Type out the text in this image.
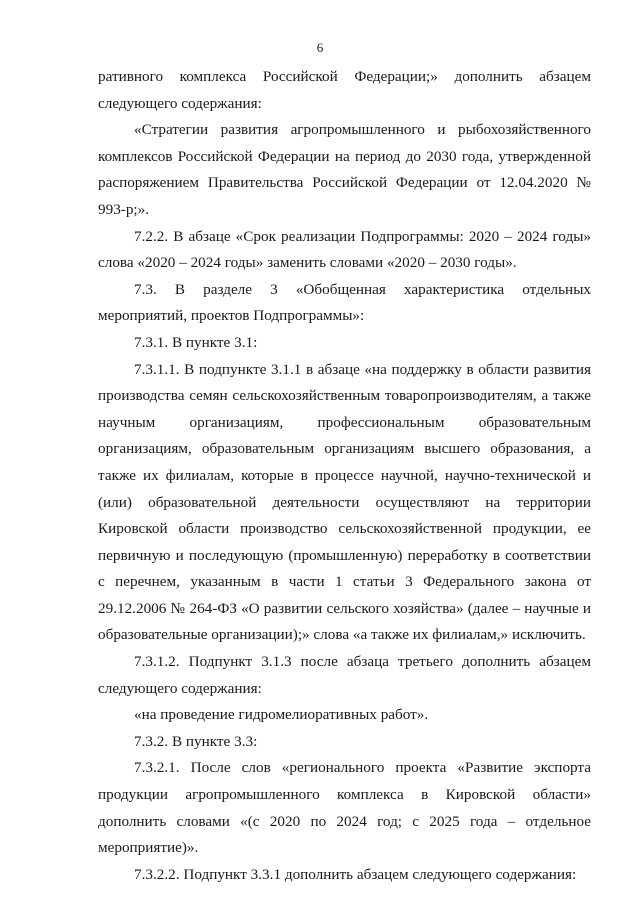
6

ративного комплекса Российской Федерации;» дополнить абзацем следующего содержания:

«Стратегии развития агропромышленного и рыбохозяйственного комплексов Российской Федерации на период до 2030 года, утвержденной распоряжением Правительства Российской Федерации от 12.04.2020 № 993-р;».

7.2.2. В абзаце «Срок реализации Подпрограммы: 2020 – 2024 годы» слова «2020 – 2024 годы» заменить словами «2020 – 2030 годы».

7.3. В разделе 3 «Обобщенная характеристика отдельных мероприятий, проектов Подпрограммы»:

7.3.1. В пункте 3.1:

7.3.1.1. В подпункте 3.1.1 в абзаце «на поддержку в области развития производства семян сельскохозяйственным товаропроизводителям, а также научным организациям, профессиональным образовательным организациям, образовательным организациям высшего образования, а также их филиалам, которые в процессе научной, научно-технической и (или) образовательной деятельности осуществляют на территории Кировской области производство сельскохозяйственной продукции, ее первичную и последующую (промышленную) переработку в соответствии с перечнем, указанным в части 1 статьи 3 Федерального закона от 29.12.2006 № 264-ФЗ «О развитии сельского хозяйства» (далее – научные и образовательные организации);» слова «а также их филиалам,» исключить.

7.3.1.2. Подпункт 3.1.3 после абзаца третьего дополнить абзацем следующего содержания:

«на проведение гидромелиоративных работ».

7.3.2. В пункте 3.3:

7.3.2.1. После слов «регионального проекта «Развитие экспорта продукции агропромышленного комплекса в Кировской области» дополнить словами «(с 2020 по 2024 год; с 2025 года – отдельное мероприятие)».

7.3.2.2. Подпункт 3.3.1 дополнить абзацем следующего содержания:
